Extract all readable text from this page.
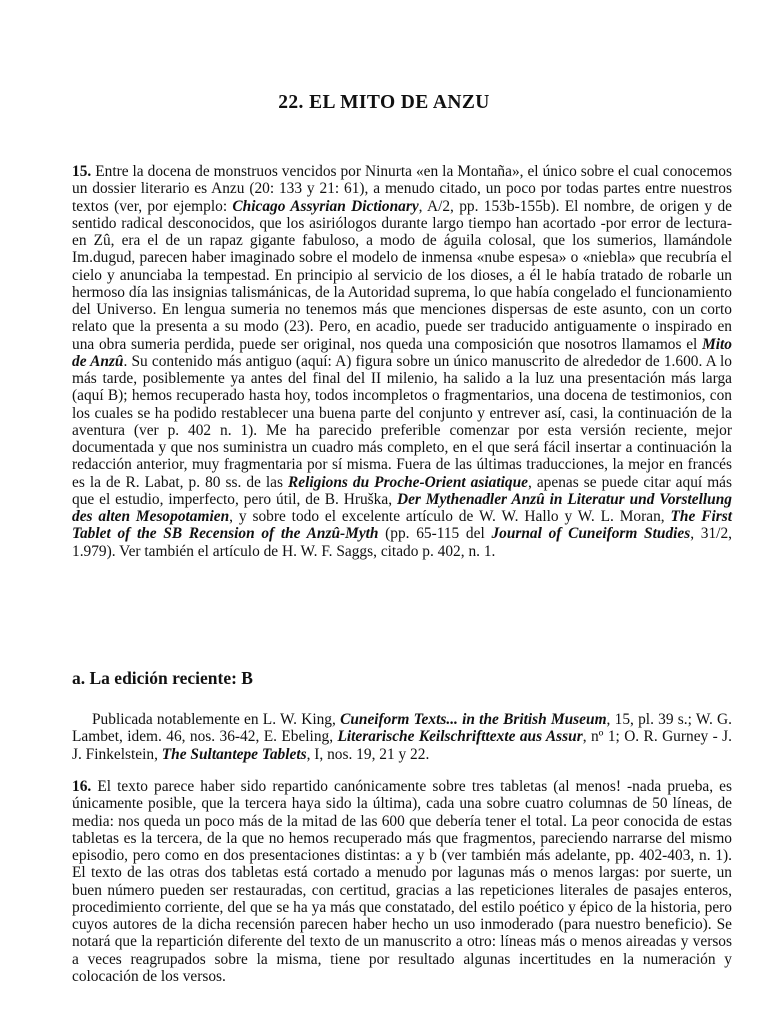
22. EL MITO DE ANZU

15. Entre la docena de monstruos vencidos por Ninurta «en la Montaña», el único sobre el cual conocemos un dossier literario es Anzu (20: 133 y 21: 61), a menudo citado, un poco por todas partes entre nuestros textos (ver, por ejemplo: Chicago Assyrian Dictionary, A/2, pp. 153b-155b). El nombre, de origen y de sentido radical desconocidos, que los asiriólogos durante largo tiempo han acortado -por error de lectura- en Zû, era el de un rapaz gigante fabuloso, a modo de águila colosal, que los sumerios, llamándole Im.dugud, parecen haber imaginado sobre el modelo de inmensa «nube espesa» o «niebla» que recubría el cielo y anunciaba la tempestad. En principio al servicio de los dioses, a él le había tratado de robarle un hermoso día las insignias talismánicas, de la Autoridad suprema, lo que había congelado el funcionamiento del Universo. En lengua sumeria no tenemos más que menciones dispersas de este asunto, con un corto relato que la presenta a su modo (23). Pero, en acadio, puede ser traducido antiguamente o inspirado en una obra sumeria perdida, puede ser original, nos queda una composición que nosotros llamamos el Mito de Anzû. Su contenido más antiguo (aquí: A) figura sobre un único manuscrito de alrededor de 1.600. A lo más tarde, posiblemente ya antes del final del II milenio, ha salido a la luz una presentación más larga (aquí B); hemos recuperado hasta hoy, todos incompletos o fragmentarios, una docena de testimonios, con los cuales se ha podido restablecer una buena parte del conjunto y entrever así, casi, la continuación de la aventura (ver p. 402 n. 1). Me ha parecido preferible comenzar por esta versión reciente, mejor documentada y que nos suministra un cuadro más completo, en el que será fácil insertar a continuación la redacción anterior, muy fragmentaria por sí misma. Fuera de las últimas traducciones, la mejor en francés es la de R. Labat, p. 80 ss. de las Religions du Proche-Orient asiatique, apenas se puede citar aquí más que el estudio, imperfecto, pero útil, de B. Hruška, Der Mythenadler Anzû in Literatur und Vorstellung des alten Mesopotamien, y sobre todo el excelente artículo de W. W. Hallo y W. L. Moran, The First Tablet of the SB Recension of the Anzû-Myth (pp. 65-115 del Journal of Cuneiform Studies, 31/2, 1.979). Ver también el artículo de H. W. F. Saggs, citado p. 402, n. 1.

a. La edición reciente: B

Publicada notablemente en L. W. King, Cuneiform Texts... in the British Museum, 15, pl. 39 s.; W. G. Lambet, idem. 46, nos. 36-42, E. Ebeling, Literarische Keilschrifttexte aus Assur, nº 1; O. R. Gurney - J. J. Finkelstein, The Sultantepe Tablets, I, nos. 19, 21 y 22.

16. El texto parece haber sido repartido canónicamente sobre tres tabletas (al menos! -nada prueba, es únicamente posible, que la tercera haya sido la última), cada una sobre cuatro columnas de 50 líneas, de media: nos queda un poco más de la mitad de las 600 que debería tener el total. La peor conocida de estas tabletas es la tercera, de la que no hemos recuperado más que fragmentos, pareciendo narrarse del mismo episodio, pero como en dos presentaciones distintas: a y b (ver también más adelante, pp. 402-403, n. 1). El texto de las otras dos tabletas está cortado a menudo por lagunas más o menos largas: por suerte, un buen número pueden ser restauradas, con certitud, gracias a las repeticiones literales de pasajes enteros, procedimiento corriente, del que se ha ya más que constatado, del estilo poético y épico de la historia, pero cuyos autores de la dicha recensión parecen haber hecho un uso inmoderado (para nuestro beneficio). Se notará que la repartición diferente del texto de un manuscrito a otro: líneas más o menos aireadas y versos a veces reagrupados sobre la misma, tiene por resultado algunas incertitudes en la numeración y colocación de los versos.
